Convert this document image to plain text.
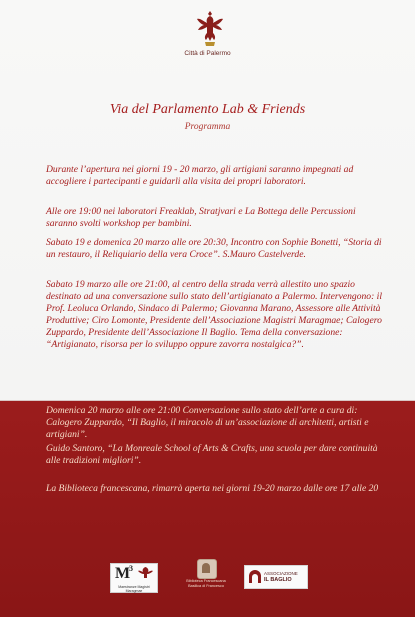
Città di Palermo
Via del Parlamento Lab & Friends
Programma

Durante l’apertura nei giorni 19 - 20 marzo, gli artigiani saranno impegnati ad accogliere i partecipanti e guidarli alla visita dei propri laboratori.

Alle ore 19:00 nei laboratori Freaklab, Stratjvari e La Bottega delle Percussioni saranno svolti workshop per bambini.

Sabato 19 e domenica 20 marzo alle ore 20:30, Incontro con Sophie Bonetti, “Storia di un restauro, il Reliquiario della vera Croce”. S.Mauro Castelverde.

Sabato 19 marzo alle ore 21:00, al centro della strada verrà allestito uno spazio destinato ad una conversazione sullo stato dell’artigianato a Palermo. Intervengono: il Prof. Leoluca Orlando, Sindaco di Palermo; Giovanna Marano, Assessore alle Attività Produttive; Ciro Lomonte, Presidente dell’Associazione Magistri Maragmae; Calogero Zuppardo, Presidente dell’Associazione Il Baglio. Tema della conversazione: “Artigianato, risorsa per lo sviluppo oppure zavorra nostalgica?”.

Domenica 20 marzo alle ore 21:00 Conversazione sullo stato dell’arte a cura di: Calogero Zuppardo, “Il Baglio, il miracolo di un’associazione di architetti, artisti e artigiani”.

Guido Santoro, “La Monreale School of Arts & Crafts, una scuola per dare continuità alle tradizioni migliori”.

La Biblioteca francescana, rimarrà aperta nei giorni 19-20 marzo dalle ore 17 alle 20

M
3
Maestranze Magistri Maragmae
Biblioteca Francescana Basilica di Francesco
ASSOCIAZIONE
IL BAGLIO
